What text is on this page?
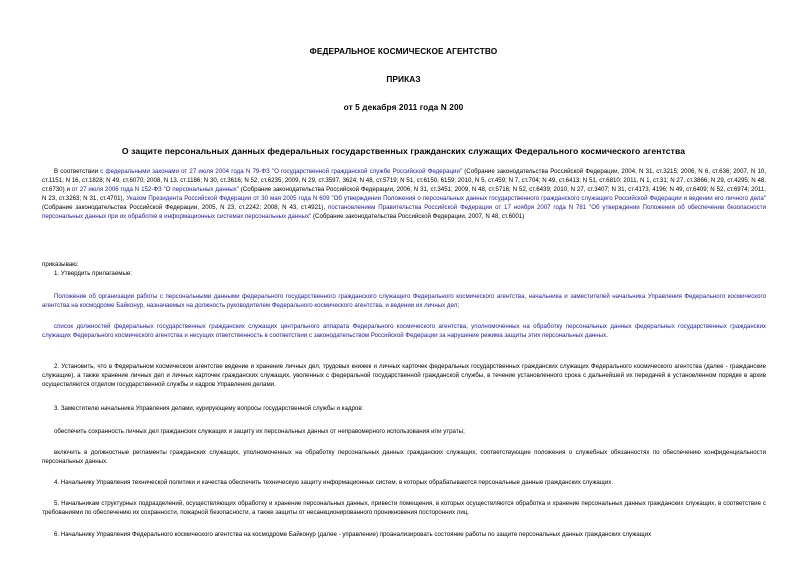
ФЕДЕРАЛЬНОЕ КОСМИЧЕСКОЕ АГЕНТСТВО
ПРИКАЗ
от 5 декабря 2011 года N 200
О защите персональных данных федеральных государственных гражданских служащих Федерального космического агентства
В соответствии с федеральными законами от 27 июля 2004 года N 79-ФЗ "О государственной гражданской службе Российской Федерации" (Собрание законодательства Российской Федерации, 2004, N 31, ст.3215; 2006, N 6, ст.636; 2007, N 10, ст.1151; N 16, ст.1828; N 49, ст.6070; 2008, N 13, ст.1186; N 30, ст.3616; N 52, ст.6235; 2009, N 29, ст.3597, 3624; N 48, ст.5719; N 51, ст.6150, 6159; 2010, N 5, ст.459; N 7, ст.704; N 49, ст.6413; N 51, ст.6810; 2011, N 1, ст.31; N 27, ст.3866; N 29, ст.4295; N 48, ст.6730) и от 27 июля 2006 года N 152-ФЗ "О персональных данных" (Собрание законодательства Российской Федерации, 2006, N 31, ст.3451; 2009, N 48, ст.5716; N 52, ст.6439; 2010, N 27, ст.3407; N 31, ст.4173, 4196; N 49, ст.6409; N 52, ст.6974; 2011, N 23, ст.3263; N 31, ст.4701), Указом Президента Российской Федерации от 30 мая 2005 года N 609 "Об утверждении Положения о персональных данных государственного гражданского служащего Российской Федерации и ведении его личного дела" (Собрание законодательства Российской Федерации, 2005, N 23, ст.2242; 2008, N 43, ст.4921), постановлением Правительства Российской Федерации от 17 ноября 2007 года N 781 "Об утверждении Положения об обеспечении безопасности персональных данных при их обработке в информационных системах персональных данных" (Собрание законодательства Российской Федерации, 2007, N 48, ст.6001)
приказываю:
1. Утвердить прилагаемые:
Положение об организации работы с персональными данными федерального государственного гражданского служащего Федерального космического агентства, начальника и заместителей начальника Управления Федерального космического агентства на космодроме Байконур, назначаемых на должность руководителем Федерального космического агентства, и ведении их личных дел;
список должностей федеральных государственных гражданских служащих центрального аппарата Федерального космического агентства, уполномоченных на обработку персональных данных федеральных государственных гражданских служащих Федерального космического агентства и несущих ответственность в соответствии с законодательством Российской Федерации за нарушение режима защиты этих персональных данных.
2. Установить, что в Федеральном космическом агентстве ведение и хранение личных дел, трудовых книжек и личных карточек федеральных государственных гражданских служащих Федерального космического агентства (далее - гражданские служащие), а также хранение личных дел и личных карточек гражданских служащих, уволенных с федеральной государственной гражданской службы, в течение установленного срока с дальнейшей их передачей в установленном порядке в архив осуществляются отделом государственной службы и кадров Управления делами.
3. Заместителю начальника Управления делами, курирующему вопросы государственной службы и кадров:
обеспечить сохранность личных дел гражданских служащих и защиту их персональных данных от неправомерного использования или утраты;
включить в должностные регламенты гражданских служащих, уполномоченных на обработку персональных данных гражданских служащих, соответствующие положения о служебных обязанностях по обеспечению конфиденциальности персональных данных.
4. Начальнику Управления технической политики и качества обеспечить техническую защиту информационных систем, в которых обрабатываются персональные данные гражданских служащих.
5. Начальникам структурных подразделений, осуществляющих обработку и хранение персональных данных, привести помещения, в которых осуществляются обработка и хранение персональных данных гражданских служащих, в соответствие с требованиями по обеспечению их сохранности, пожарной безопасности, а также защиты от несанкционированного проникновения посторонних лиц.
6. Начальнику Управления Федерального космического агентства на космодроме Байконур (далее - управление) проанализировать состояние работы по защите персональных данных гражданских служащих
